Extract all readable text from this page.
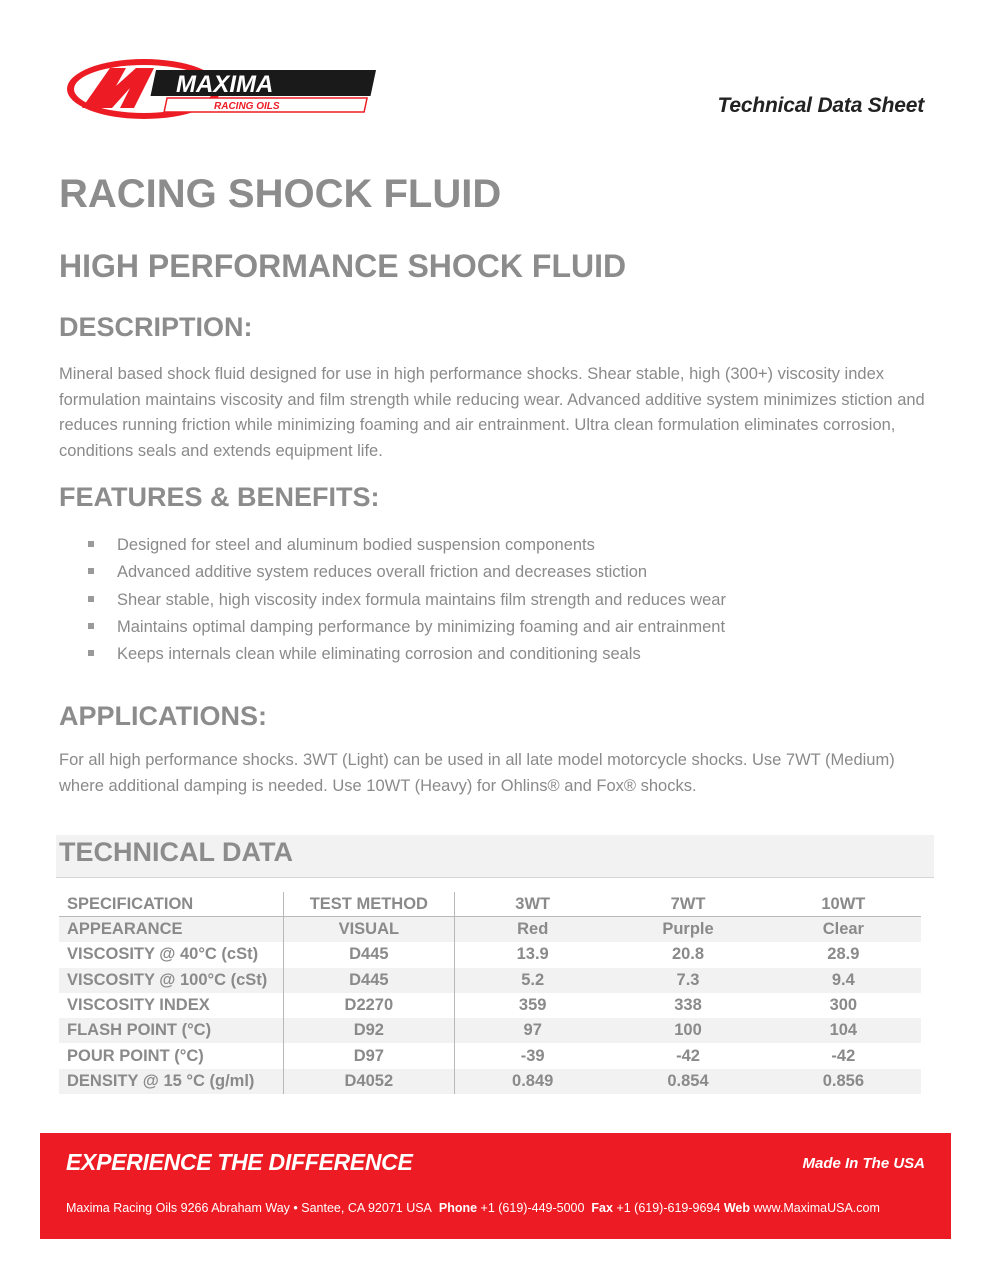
MAXIMA
RACING OILS	Technical Data Sheet
RACING SHOCK FLUID
HIGH PERFORMANCE SHOCK FLUID
DESCRIPTION:

Mineral based shock fluid designed for use in high performance shocks. Shear stable, high (300+) viscosity index formulation maintains viscosity and film strength while reducing wear. Advanced additive system minimizes stiction and reduces running friction while minimizing foaming and air entrainment. Ultra clean formulation eliminates corrosion, conditions seals and extends equipment life.

FEATURES & BENEFITS:
Designed for steel and aluminum bodied suspension components
Advanced additive system reduces overall friction and decreases stiction
Shear stable, high viscosity index formula maintains film strength and reduces wear
Maintains optimal damping performance by minimizing foaming and air entrainment
Keeps internals clean while eliminating corrosion and conditioning seals
APPLICATIONS:

For all high performance shocks. 3WT (Light) can be used in all late model motorcycle shocks. Use 7WT (Medium) where additional damping is needed. Use 10WT (Heavy) for Ohlins® and Fox® shocks.

TECHNICAL DATA
SPECIFICATION	TEST METHOD	3WT	7WT	10WT
APPEARANCE	VISUAL	Red	Purple	Clear
VISCOSITY @ 40°C (cSt)	D445	13.9	20.8	28.9
VISCOSITY @ 100°C (cSt)	D445	5.2	7.3	9.4
VISCOSITY INDEX	D2270	359	338	300
FLASH POINT (°C)	D92	97	100	104
POUR POINT (°C)	D97	-39	-42	-42
DENSITY @ 15 °C (g/ml)	D4052	0.849	0.854	0.856
EXPERIENCE THE DIFFERENCE	Made In The USA
Maxima Racing Oils 9266 Abraham Way • Santee, CA 92071 USA Phone +1 (619)-449-5000 Fax +1 (619)-619-9694 Web www.MaximaUSA.com
